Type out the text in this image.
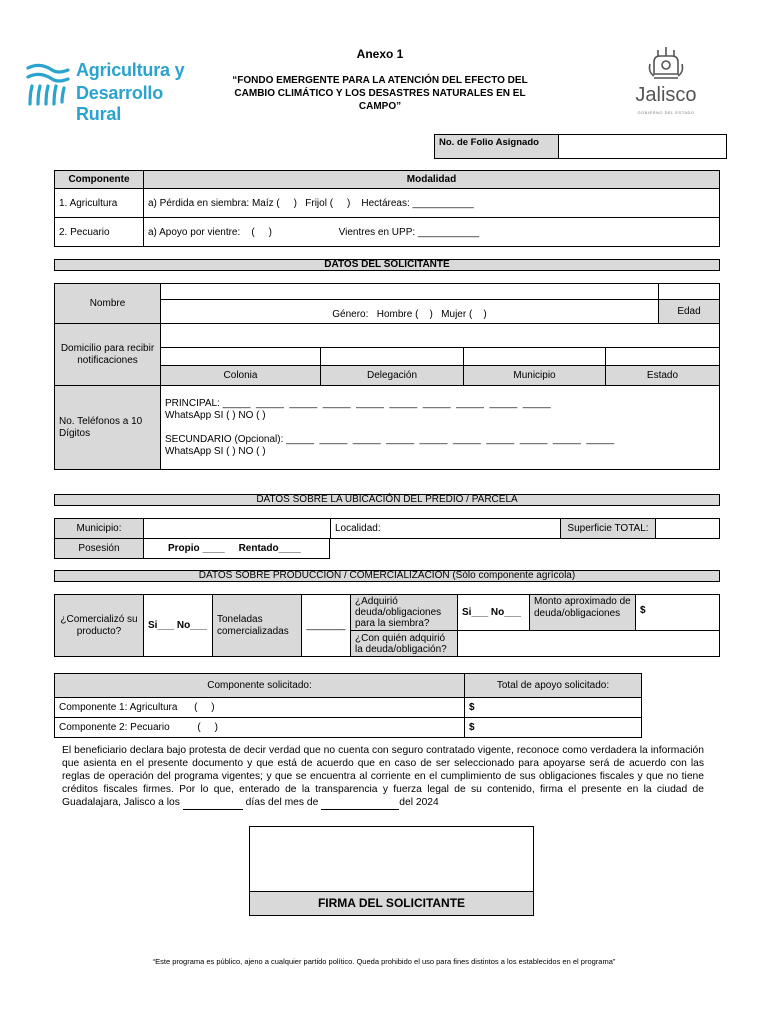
Agricultura y
Desarrollo Rural
Anexo 1
“FONDO EMERGENTE PARA LA ATENCIÓN DEL EFECTO DEL CAMBIO CLIMÁTICO Y LOS DESASTRES NATURALES EN EL CAMPO”
Jalisco
GOBIERNO DEL ESTADO
No. de Folio Asignado	
Componente	Modalidad
1. Agricultura	a) Pérdida en siembra: Maíz (     )   Frijol (     )    Hectáreas: ___________
2. Pecuario	a) Apoyo por vientre:    (     )                        Vientres en UPP: ___________
DATOS DEL SOLICITANTE
Nombre					
	Género:   Hombre (    )   Mujer (    )				Edad
Domicilio para recibir notificaciones					

	Colonia	Delegación	Municipio	Estado	
No. Teléfonos a 10 Dígitos	PRINCIPAL: _____  _____  _____  _____  _____  _____  _____  _____  _____  _____
WhatsApp SI ( ) NO ( )
SECUNDARIO (Opcional): _____  _____  _____  _____  _____  _____  _____  _____  _____  _____
WhatsApp SI ( ) NO ( )				
DATOS SOBRE LA UBICACIÓN DEL PREDIO / PARCELA
Municipio:		Localidad:	Superficie TOTAL:	
Posesión	Propio ____     Rentado____
DATOS SOBRE PRODUCCION / COMERCIALIZACION (Sólo componente agrícola)
¿Comercializó su producto?	Si___ No___	Toneladas comercializadas	_______	¿Adquirió deuda/obligaciones para la siembra?	Si___ No___	Monto aproximado de deuda/obligaciones	$
				¿Con quién adquirió la deuda/obligación?			
Componente solicitado:	Total de apoyo solicitado:
Componente 1: Agricultura      (     )	$
Componente 2: Pecuario          (     )	$
El beneficiario declara bajo protesta de decir verdad que no cuenta con seguro contratado vigente, reconoce como verdadera la información que asienta en el presente documento y que está de acuerdo que en caso de ser seleccionado para apoyarse será de acuerdo con las reglas de operación del programa vigentes; y que se encuentra al corriente en el cumplimiento de sus obligaciones fiscales y que no tiene créditos fiscales firmes. Por lo que, enterado de la transparencia y fuerza legal de su contenido, firma el presente en la ciudad de Guadalajara, Jalisco a los	días del mes de	del 2024
FIRMA DEL SOLICITANTE
“Este programa es público, ajeno a cualquier partido político. Queda prohibido el uso para fines distintos a los establecidos en el programa”
